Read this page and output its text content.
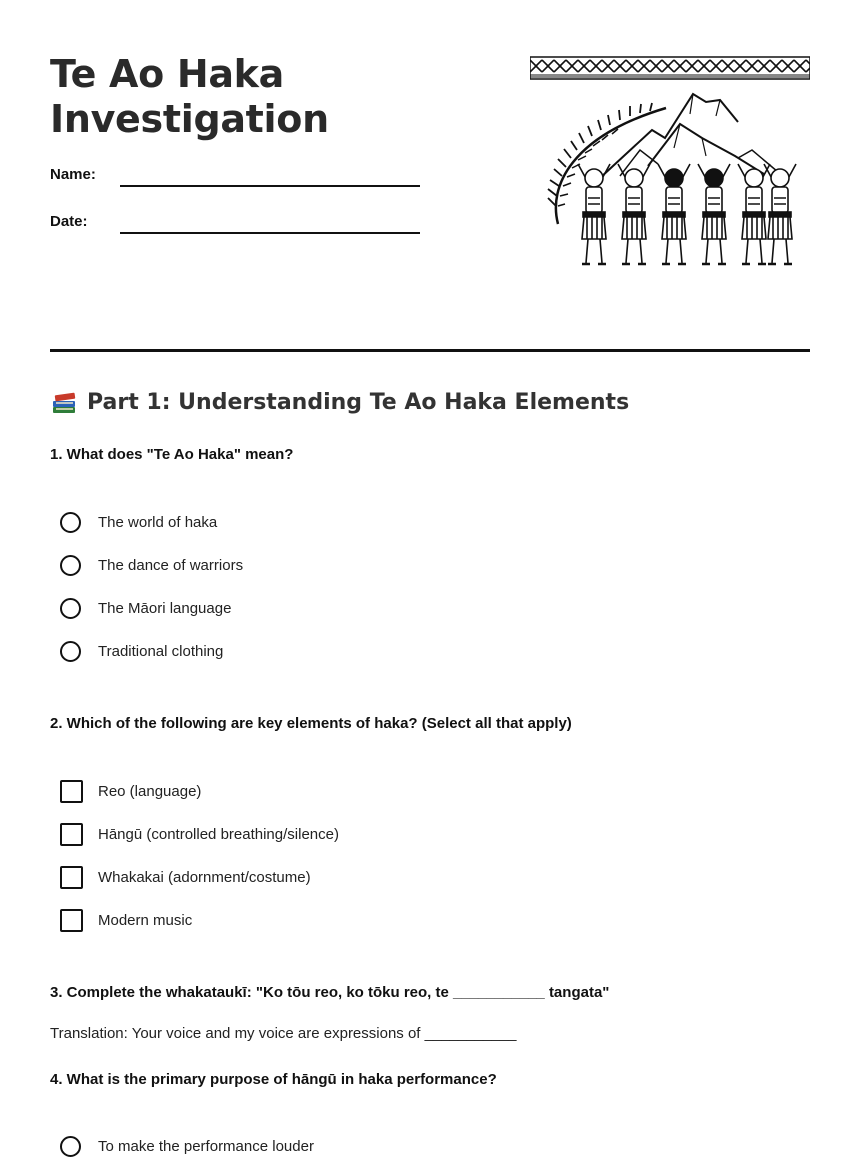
Te Ao Haka
Investigation
Name:
Date:
Part 1: Understanding Te Ao Haka Elements
1. What does "Te Ao Haka" mean?
The world of haka
The dance of warriors
The Māori language
Traditional clothing
2. Which of the following are key elements of haka? (Select all that apply)
Reo (language)
Hāngū (controlled breathing/silence)
Whakakai (adornment/costume)
Modern music
3. Complete the whakataukī: "Ko tōu reo, ko tōku reo, te ___________ tangata"
Translation: Your voice and my voice are expressions of ___________
4. What is the primary purpose of hāngū in haka performance?
To make the performance louder
